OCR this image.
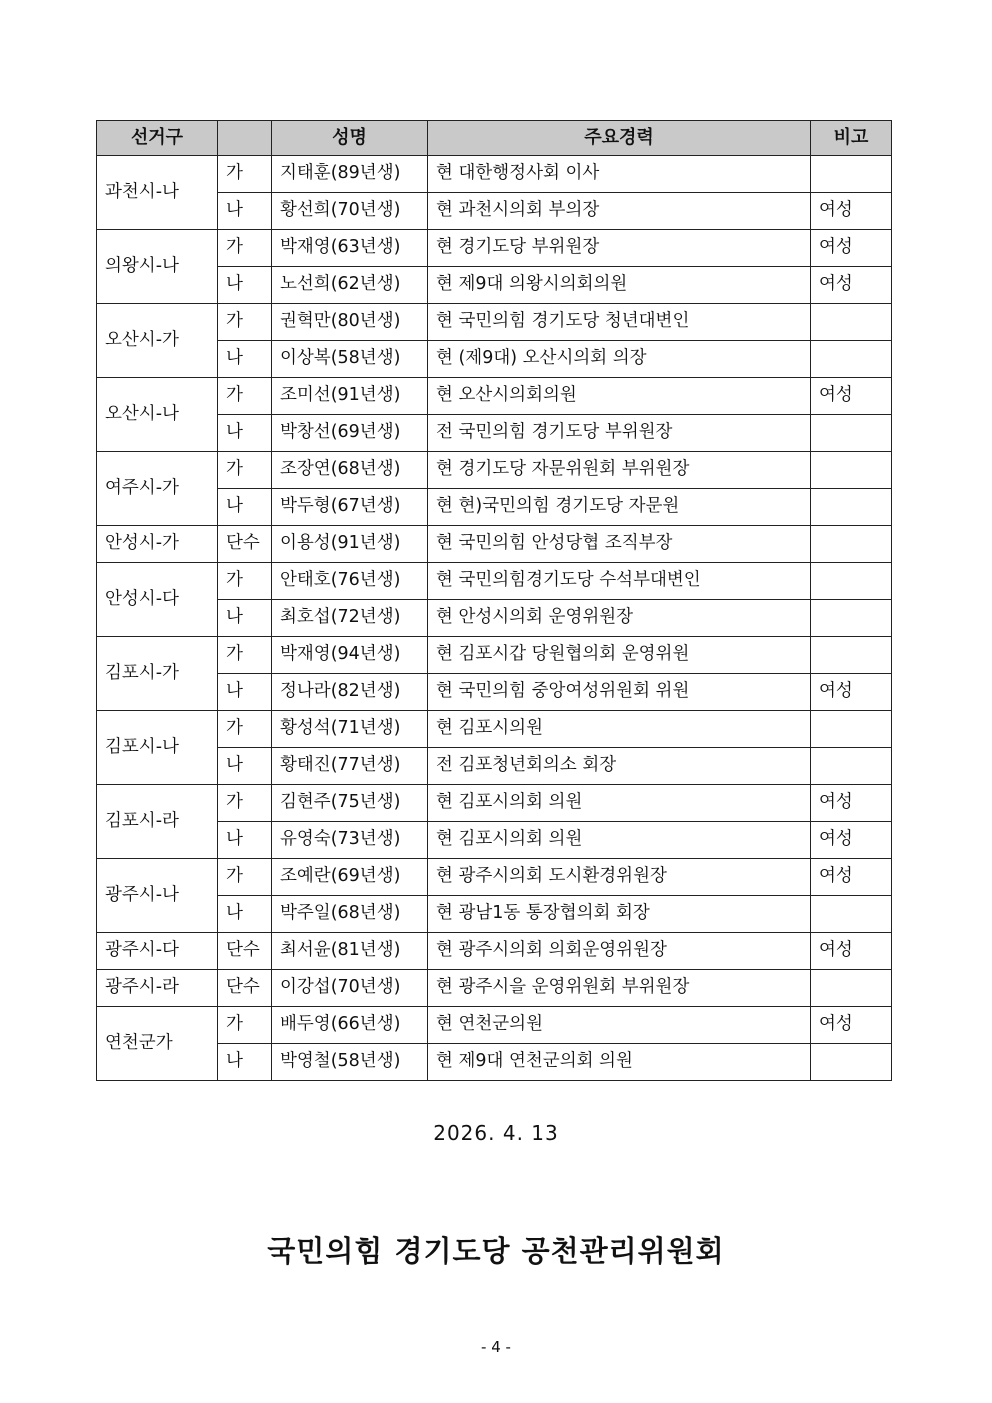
선거구		성명	주요경력	비고
과천시-나	가	지태훈(89년생)	현 대한행정사회 이사	
	나	황선희(70년생)	현 과천시의회 부의장	여성
의왕시-나	가	박재영(63년생)	현 경기도당 부위원장	여성
	나	노선희(62년생)	현 제9대 의왕시의회의원	여성
오산시-가	가	권혁만(80년생)	현 국민의힘 경기도당 청년대변인	
	나	이상복(58년생)	현 (제9대) 오산시의회 의장	
오산시-나	가	조미선(91년생)	현 오산시의회의원	여성
	나	박창선(69년생)	전 국민의힘 경기도당 부위원장	
여주시-가	가	조장연(68년생)	현 경기도당 자문위원회 부위원장	
	나	박두형(67년생)	현 현)국민의힘 경기도당 자문원	
안성시-가	단수	이용성(91년생)	현 국민의힘 안성당협 조직부장	
안성시-다	가	안태호(76년생)	현 국민의힘경기도당 수석부대변인	
	나	최호섭(72년생)	현 안성시의회 운영위원장	
김포시-가	가	박재영(94년생)	현 김포시갑 당원협의회 운영위원	
	나	정나라(82년생)	현 국민의힘 중앙여성위원회 위원	여성
김포시-나	가	황성석(71년생)	현 김포시의원	
	나	황태진(77년생)	전 김포청년회의소 회장	
김포시-라	가	김현주(75년생)	현 김포시의회 의원	여성
	나	유영숙(73년생)	현 김포시의회 의원	여성
광주시-나	가	조예란(69년생)	현 광주시의회 도시환경위원장	여성
	나	박주일(68년생)	현 광남1동 통장협의회 회장	
광주시-다	단수	최서윤(81년생)	현 광주시의회 의회운영위원장	여성
광주시-라	단수	이강섭(70년생)	현 광주시을 운영위원회 부위원장	
연천군가	가	배두영(66년생)	현 연천군의원	여성
	나	박영철(58년생)	현 제9대 연천군의회 의원	
2026. 4. 13
국민의힘 경기도당 공천관리위원회
- 4 -
